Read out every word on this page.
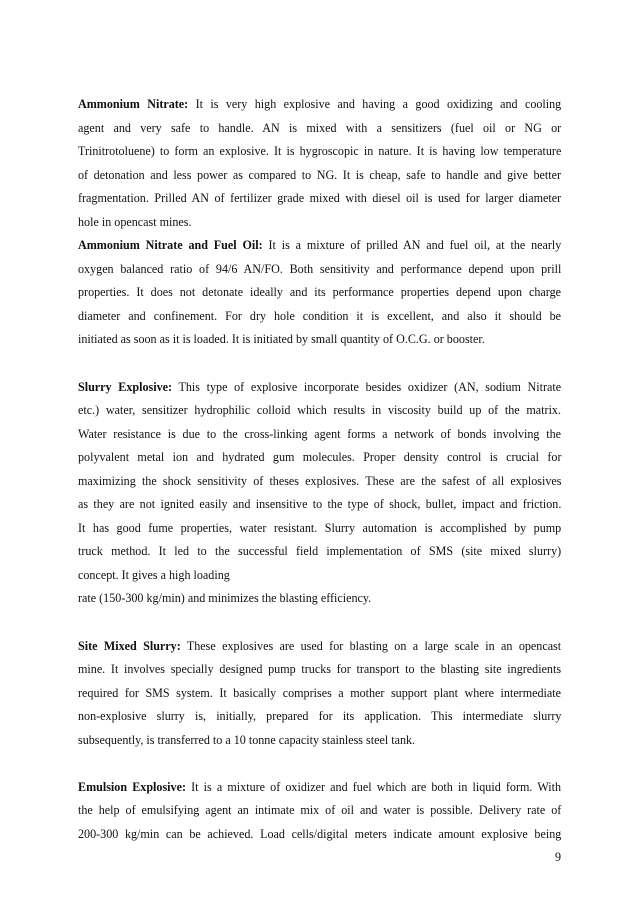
Ammonium Nitrate: It is very high explosive and having a good oxidizing and cooling
agent and very safe to handle. AN is mixed with a sensitizers (fuel oil or NG or
Trinitrotoluene) to form an explosive. It is hygroscopic in nature. It is having low temperature
of detonation and less power as compared to NG. It is cheap, safe to handle and give better
fragmentation. Prilled AN of fertilizer grade mixed with diesel oil is used for larger diameter
hole in opencast mines.
Ammonium Nitrate and Fuel Oil: It is a mixture of prilled AN and fuel oil, at the nearly
oxygen balanced ratio of 94/6 AN/FO. Both sensitivity and performance depend upon prill
properties. It does not detonate ideally and its performance properties depend upon charge
diameter and confinement. For dry hole condition it is excellent, and also it should be
initiated as soon as it is loaded. It is initiated by small quantity of O.C.G. or booster.
Slurry Explosive: This type of explosive incorporate besides oxidizer (AN, sodium Nitrate
etc.) water, sensitizer hydrophilic colloid which results in viscosity build up of the matrix.
Water resistance is due to the cross-linking agent forms a network of bonds involving the
polyvalent metal ion and hydrated gum molecules. Proper density control is crucial for
maximizing the shock sensitivity of theses explosives. These are the safest of all explosives
as they are not ignited easily and insensitive to the type of shock, bullet, impact and friction.
It has good fume properties, water resistant. Slurry automation is accomplished by pump
truck method. It led to the successful field implementation of SMS (site mixed slurry)
concept. It gives a high loading
rate (150-300 kg/min) and minimizes the blasting efficiency.
Site Mixed Slurry: These explosives are used for blasting on a large scale in an opencast
mine. It involves specially designed pump trucks for transport to the blasting site ingredients
required for SMS system. It basically comprises a mother support plant where intermediate
non-explosive slurry is, initially, prepared for its application. This intermediate slurry
subsequently, is transferred to a 10 tonne capacity stainless steel tank.
Emulsion Explosive: It is a mixture of oxidizer and fuel which are both in liquid form. With
the help of emulsifying agent an intimate mix of oil and water is possible. Delivery rate of
200-300 kg/min can be achieved. Load cells/digital meters indicate amount explosive being
9
